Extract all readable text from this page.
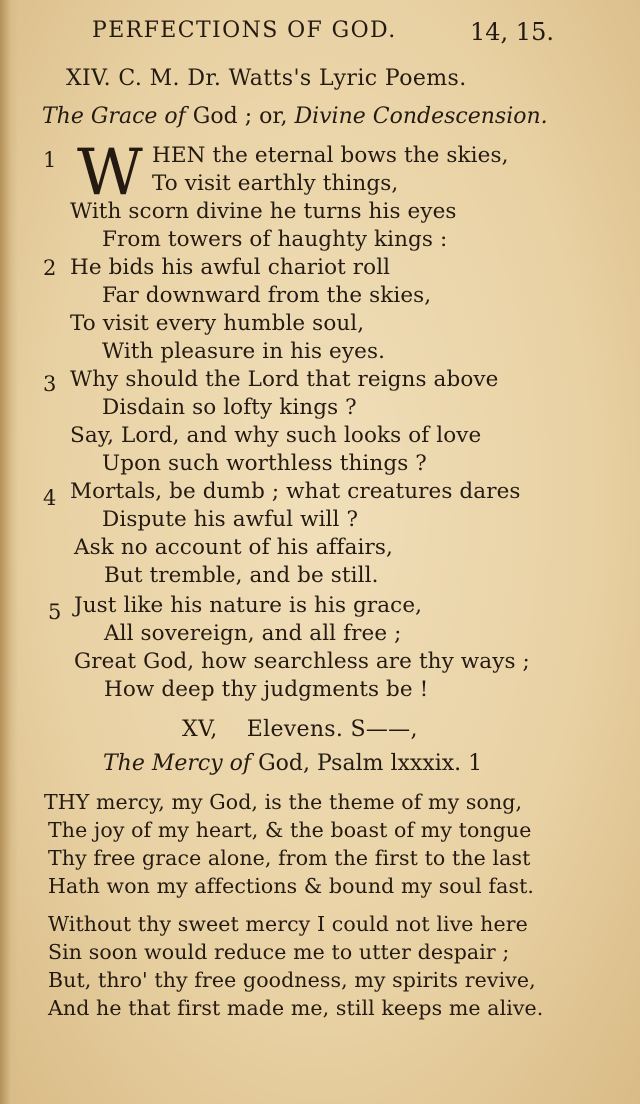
PERFECTIONS OF GOD.	14, 15.
XIV. C. M. Dr. Watts's Lyric Poems.
The Grace of God ; or, Divine Condescension.
1 W HEN the eternal bows the skies,
To visit earthly things,
With scorn divine he turns his eyes
From towers of haughty kings :
2 He bids his awful chariot roll
Far downward from the skies,
To visit every humble soul,
With pleasure in his eyes.
3 Why should the Lord that reigns above
Disdain so lofty kings ?
Say, Lord, and why such looks of love
Upon such worthless things ?
4 Mortals, be dumb ; what creatures dares
Dispute his awful will ?
Ask no account of his affairs,
But tremble, and be still.
5 Just like his nature is his grace,
All sovereign, and all free ;
Great God, how searchless are thy ways ;
How deep thy judgments be !
XV,    Elevens. S——,
The Mercy of God, Psalm lxxxix. 1
THY mercy, my God, is the theme of my song,
The joy of my heart, & the boast of my tongue
Thy free grace alone, from the first to the last
Hath won my affections & bound my soul fast.
Without thy sweet mercy I could not live here
Sin soon would reduce me to utter despair ;
But, thro' thy free goodness, my spirits revive,
And he that first made me, still keeps me alive.
